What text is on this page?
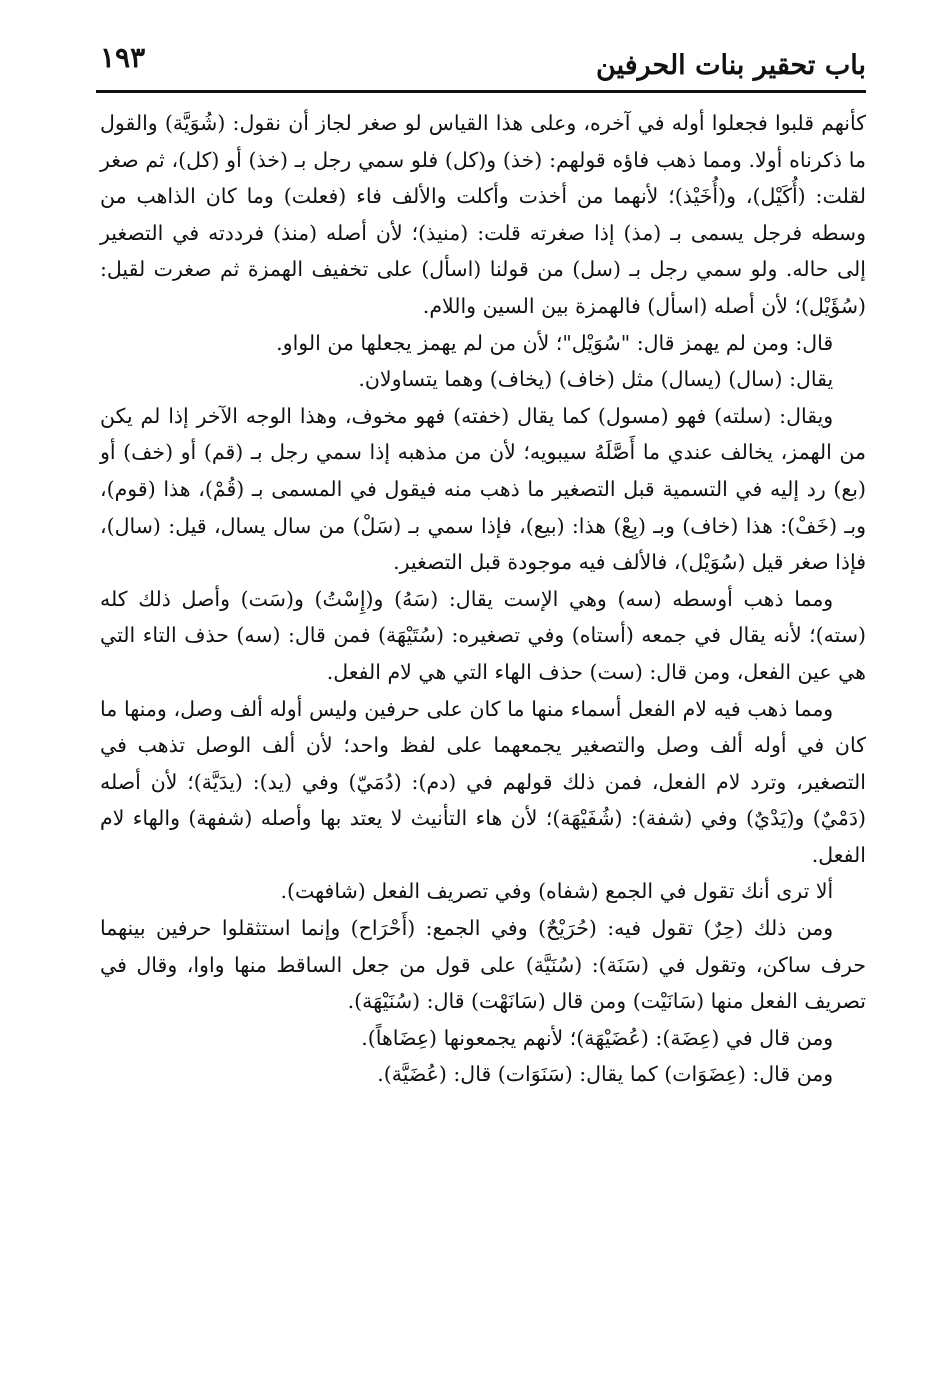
١٩٣	باب تحقير بنات الحرفين

كأنهم قلبوا فجعلوا أوله في آخره، وعلى هذا القياس لو صغر لجاز أن نقول: (شُوَيَّة) والقول ما ذكرناه أولا. ومما ذهب فاؤه قولهم: (خذ) و(كل) فلو سمي رجل بـ (خذ) أو (كل)، ثم صغر لقلت: (أُكَيْل)، و(أُخَيْذ)؛ لأنهما من أخذت وأكلت والألف فاء (فعلت) وما كان الذاهب من وسطه فرجل يسمى بـ (مذ) إذا صغرته قلت: (منيذ)؛ لأن أصله (منذ) فرددته في التصغير إلى حاله. ولو سمي رجل بـ (سل) من قولنا (اسأل) على تخفيف الهمزة ثم صغرت لقيل: (سُؤَيْل)؛ لأن أصله (اسأل) فالهمزة بين السين واللام.

قال: ومن لم يهمز قال: "سُوَيْل"؛ لأن من لم يهمز يجعلها من الواو.

يقال: (سال) (يسال) مثل (خاف) (يخاف) وهما يتساولان.

ويقال: (سلته) فهو (مسول) كما يقال (خفته) فهو مخوف، وهذا الوجه الآخر إذا لم يكن من الهمز، يخالف عندي ما أَصَّلَهُ سيبويه؛ لأن من مذهبه إذا سمي رجل بـ (قم) أو (خف) أو (بع) رد إليه في التسمية قبل التصغير ما ذهب منه فيقول في المسمى بـ (قُمْ)، هذا (قوم)، وبـ (خَفْ): هذا (خاف) وبـ (بِعْ) هذا: (بيع)، فإذا سمي بـ (سَلْ) من سال يسال، قيل: (سال)، فإذا صغر قيل (سُوَيْل)، فالألف فيه موجودة قبل التصغير.

ومما ذهب أوسطه (سه) وهي الإست يقال: (سَهُ) و(إِسْتُ) و(سَت) وأصل ذلك كله (سته)؛ لأنه يقال في جمعه (أستاه) وفي تصغيره: (سُتَيْهَة) فمن قال: (سه) حذف التاء التي هي عين الفعل، ومن قال: (ست) حذف الهاء التي هي لام الفعل.

ومما ذهب فيه لام الفعل أسماء منها ما كان على حرفين وليس أوله ألف وصل، ومنها ما كان في أوله ألف وصل والتصغير يجمعهما على لفظ واحد؛ لأن ألف الوصل تذهب في التصغير، وترد لام الفعل، فمن ذلك قولهم في (دم): (دُمَيّ) وفي (يد): (يدَيَّة)؛ لأن أصله (دَمْيٌ) و(يَدْيٌ) وفي (شفة): (شُفَيْهَة)؛ لأن هاء التأنيث لا يعتد بها وأصله (شفهة) والهاء لام الفعل.

ألا ترى أنك تقول في الجمع (شفاه) وفي تصريف الفعل (شافهت).

ومن ذلك (حِرٌ) تقول فيه: (حُرَيْحٌ) وفي الجمع: (أَحْرَاح) وإنما استثقلوا حرفين بينهما حرف ساكن، وتقول في (سَنَة): (سُنَيَّة) على قول من جعل الساقط منها واوا، وقال في تصريف الفعل منها (سَانَيْت) ومن قال (سَانَهْت) قال: (سُنَيْهَة).

ومن قال في (عِضَة): (عُضَيْهَة)؛ لأنهم يجمعونها (عِضَاهاً).

ومن قال: (عِضَوَات) كما يقال: (سَنَوَات) قال: (عُضَيَّة).
